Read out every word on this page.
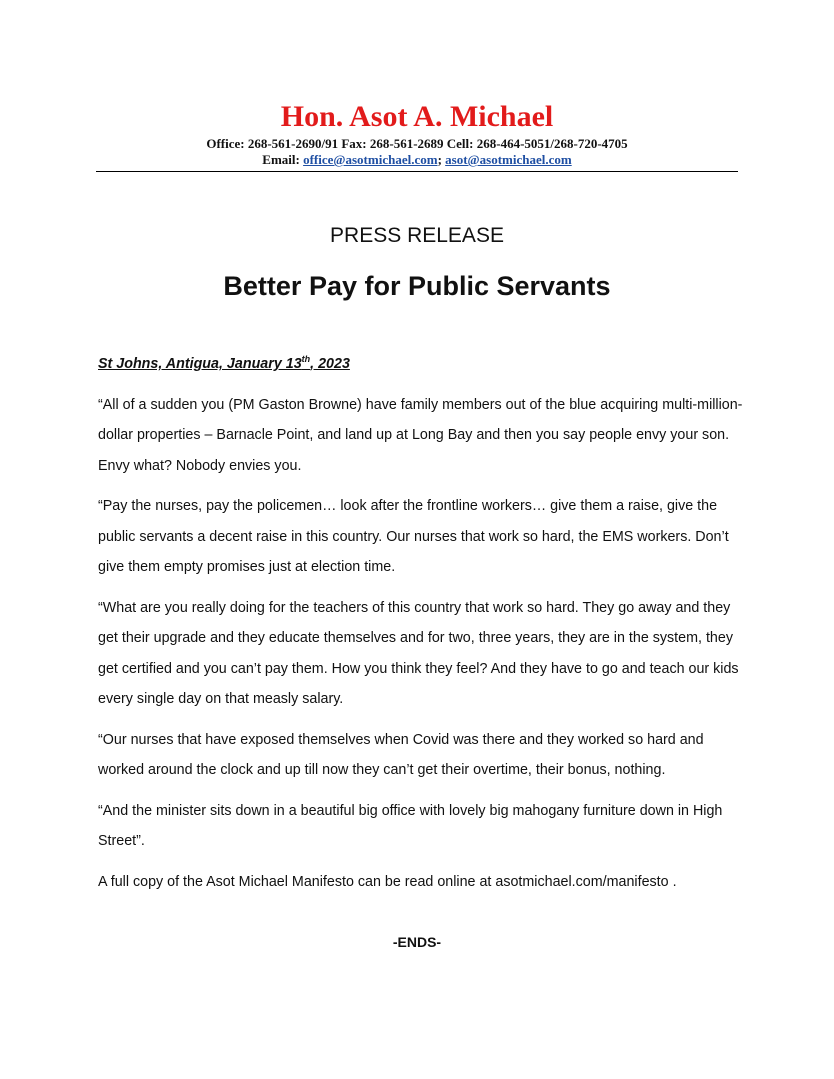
Hon. Asot A. Michael
Office: 268-561-2690/91 Fax: 268-561-2689 Cell: 268-464-5051/268-720-4705
Email: office@asotmichael.com; asot@asotmichael.com
PRESS RELEASE
Better Pay for Public Servants

St Johns, Antigua, January 13th, 2023

“All of a sudden you (PM Gaston Browne) have family members out of the blue acquiring multi-million-dollar properties – Barnacle Point, and land up at Long Bay and then you say people envy your son. Envy what? Nobody envies you.

“Pay the nurses, pay the policemen… look after the frontline workers… give them a raise, give the public servants a decent raise in this country. Our nurses that work so hard, the EMS workers. Don’t give them empty promises just at election time.

“What are you really doing for the teachers of this country that work so hard. They go away and they get their upgrade and they educate themselves and for two, three years, they are in the system, they get certified and you can’t pay them. How you think they feel? And they have to go and teach our kids every single day on that measly salary.

“Our nurses that have exposed themselves when Covid was there and they worked so hard and worked around the clock and up till now they can’t get their overtime, their bonus, nothing.

“And the minister sits down in a beautiful big office with lovely big mahogany furniture down in High Street”.

A full copy of the Asot Michael Manifesto can be read online at asotmichael.com/manifesto .

-ENDS-
